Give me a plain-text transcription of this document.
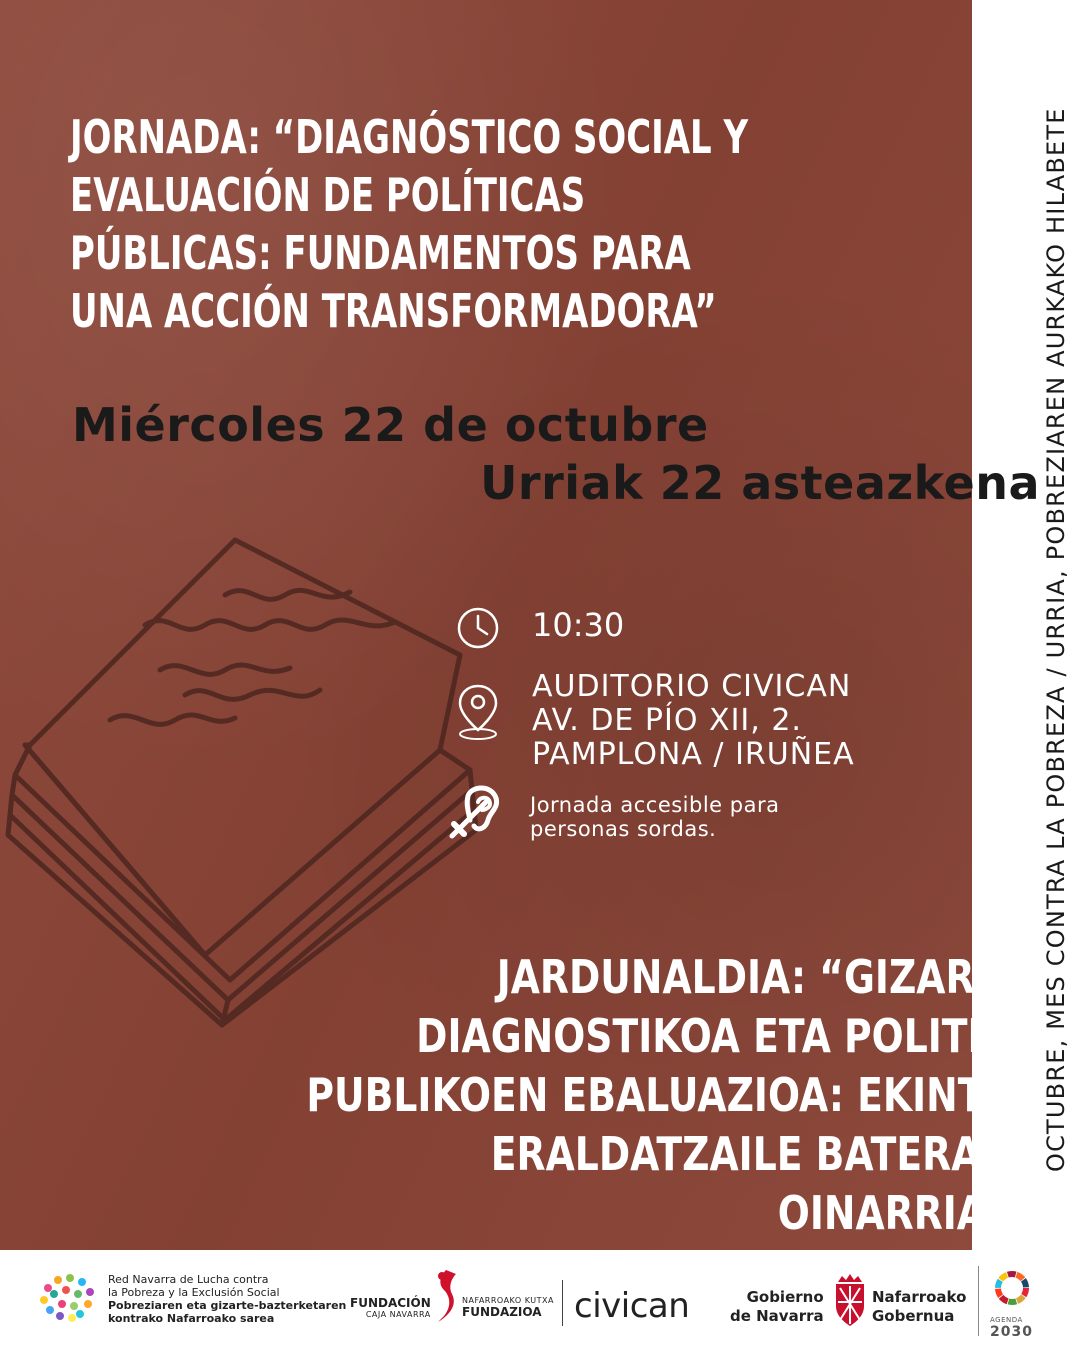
OCTUBRE, MES CONTRA LA POBREZA / URRIA, POBREZIAREN AURKAKO HILABETE
JORNADA: “DIAGNÓSTICO SOCIAL Y EVALUACIÓN DE POLÍTICAS PÚBLICAS: FUNDAMENTOS PARA UNA ACCIÓN TRANSFORMADORA”
Miércoles 22 de octubre
Urriak 22 asteazkena
10:30
AUDITORIO CIVICAN
AV. DE PÍO XII, 2.
PAMPLONA / IRUÑEA
Jornada accesible para
personas sordas.
JARDUNALDIA: “GIZARTE-DIAGNOSTIKOA ETA POLITIKA PUBLIKOEN EBALUAZIOA: EKINTZA ERALDATZAILE BATERAKO OINARRIAK”
Red Navarra de Lucha contra
la Pobreza y la Exclusión Social
Pobreziaren eta gizarte-bazterketaren
kontrako Nafarroako sarea
FUNDACIÓN
CAJA NAVARRA
NAFARROAKO KUTXA
FUNDAZIOA civican	Gobierno
de Navarra
Nafarroako
Gobernua	AGENDA
2030
